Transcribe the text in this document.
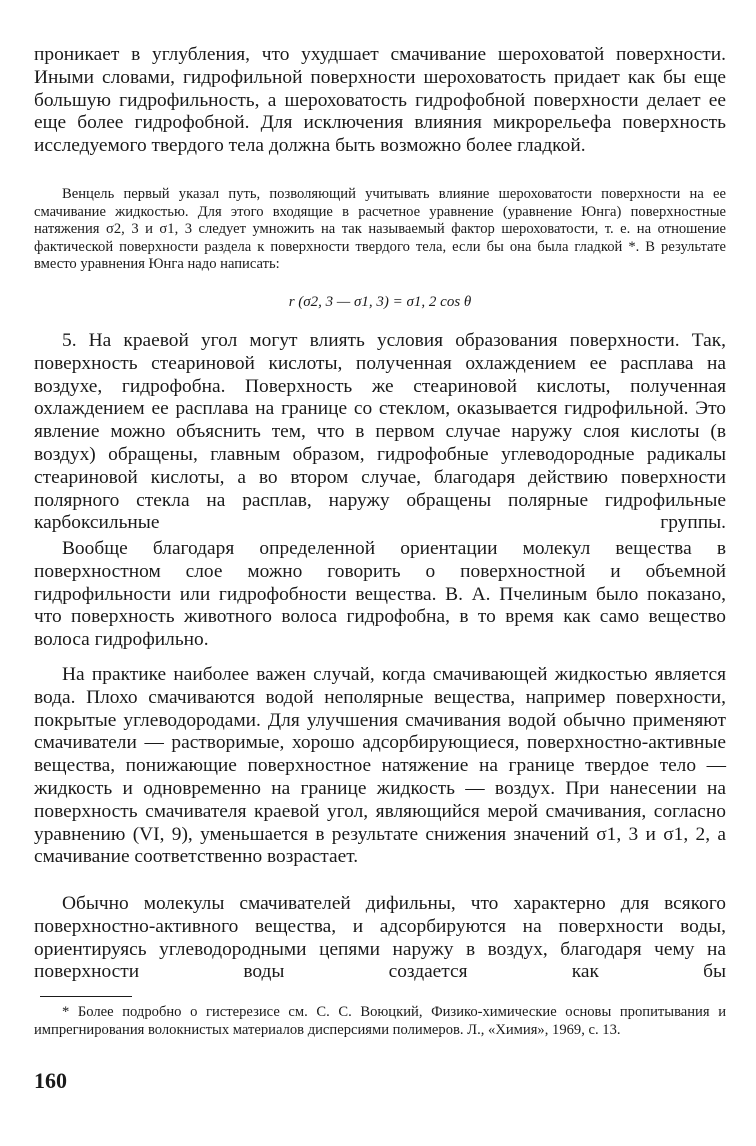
проникает в углубления, что ухудшает смачивание шероховатой поверхности. Иными словами, гидрофильной поверхности шероховатость придает как бы еще большую гидрофильность, а шероховатость гидрофобной поверхности делает ее еще более гидрофобной. Для исключения влияния микрорельефа поверхность исследуемого твердого тела должна быть возможно более гладкой.

Венцель первый указал путь, позволяющий учитывать влияние шероховатости поверхности на ее смачивание жидкостью. Для этого входящие в расчетное уравнение (уравнение Юнга) поверхностные натяжения σ2, 3 и σ1, 3 следует умножить на так называемый фактор шероховатости, т. е. на отношение фактической поверхности раздела к поверхности твердого тела, если бы она была гладкой *. В результате вместо уравнения Юнга надо написать:

r (σ2, 3 — σ1, 3) = σ1, 2 cos θ

5. На краевой угол могут влиять условия образования поверхности. Так, поверхность стеариновой кислоты, полученная охлаждением ее расплава на воздухе, гидрофобна. Поверхность же стеариновой кислоты, полученная охлаждением ее расплава на границе со стеклом, оказывается гидрофильной. Это явление можно объяснить тем, что в первом случае наружу слоя кислоты (в воздух) обращены, главным образом, гидрофобные углеводородные радикалы стеариновой кислоты, а во втором случае, благодаря действию поверхности полярного стекла на расплав, наружу обращены полярные гидрофильные карбоксильные группы.

Вообще благодаря определенной ориентации молекул вещества в поверхностном слое можно говорить о поверхностной и объемной гидрофильности или гидрофобности вещества. В. А. Пчелиным было показано, что поверхность животного волоса гидрофобна, в то время как само вещество волоса гидрофильно.

На практике наиболее важен случай, когда смачивающей жидкостью является вода. Плохо смачиваются водой неполярные вещества, например поверхности, покрытые углеводородами. Для улучшения смачивания водой обычно применяют смачиватели — растворимые, хорошо адсорбирующиеся, поверхностно-активные вещества, понижающие поверхностное натяжение на границе твердое тело — жидкость и одновременно на границе жидкость — воздух. При нанесении на поверхность смачивателя краевой угол, являющийся мерой смачивания, согласно уравнению (VI, 9), уменьшается в результате снижения значений σ1, 3 и σ1, 2, а смачивание соответственно возрастает.

Обычно молекулы смачивателей дифильны, что характерно для всякого поверхностно-активного вещества, и адсорбируются на поверхности воды, ориентируясь углеводородными цепями наружу в воздух, благодаря чему на поверхности воды создается как бы

* Более подробно о гистерезисе см. С. С. Воюцкий, Физико-химические основы пропитывания и импрегнирования волокнистых материалов дисперсиями полимеров. Л., «Химия», 1969, с. 13.

160
